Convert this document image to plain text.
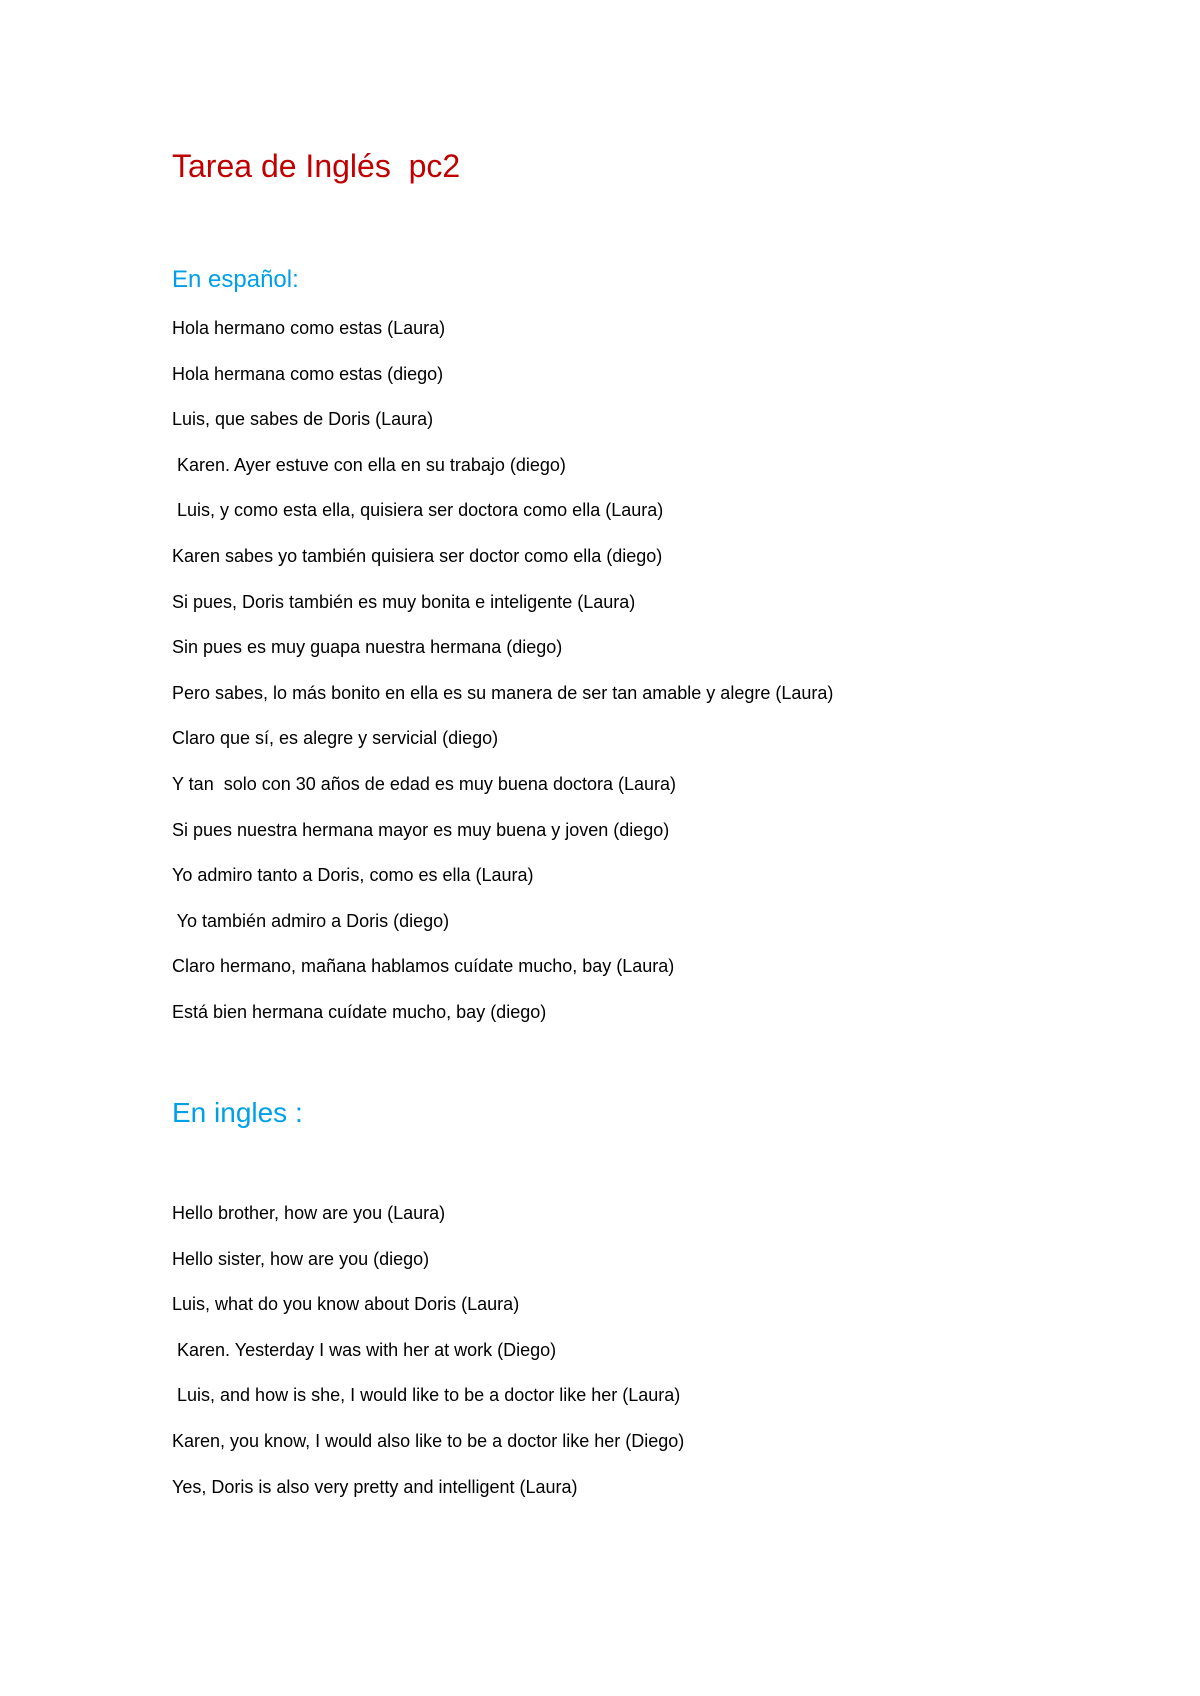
Tarea de Inglés  pc2
En español:
Hola hermano como estas (Laura)
Hola hermana como estas (diego)
Luis, que sabes de Doris (Laura)
Karen. Ayer estuve con ella en su trabajo (diego)
Luis, y como esta ella, quisiera ser doctora como ella (Laura)
Karen sabes yo también quisiera ser doctor como ella (diego)
Si pues, Doris también es muy bonita e inteligente (Laura)
Sin pues es muy guapa nuestra hermana (diego)
Pero sabes, lo más bonito en ella es su manera de ser tan amable y alegre (Laura)
Claro que sí, es alegre y servicial (diego)
Y tan  solo con 30 años de edad es muy buena doctora (Laura)
Si pues nuestra hermana mayor es muy buena y joven (diego)
Yo admiro tanto a Doris, como es ella (Laura)
Yo también admiro a Doris (diego)
Claro hermano, mañana hablamos cuídate mucho, bay (Laura)
Está bien hermana cuídate mucho, bay (diego)
En ingles :
Hello brother, how are you (Laura)
Hello sister, how are you (diego)
Luis, what do you know about Doris (Laura)
Karen. Yesterday I was with her at work (Diego)
Luis, and how is she, I would like to be a doctor like her (Laura)
Karen, you know, I would also like to be a doctor like her (Diego)
Yes, Doris is also very pretty and intelligent (Laura)
